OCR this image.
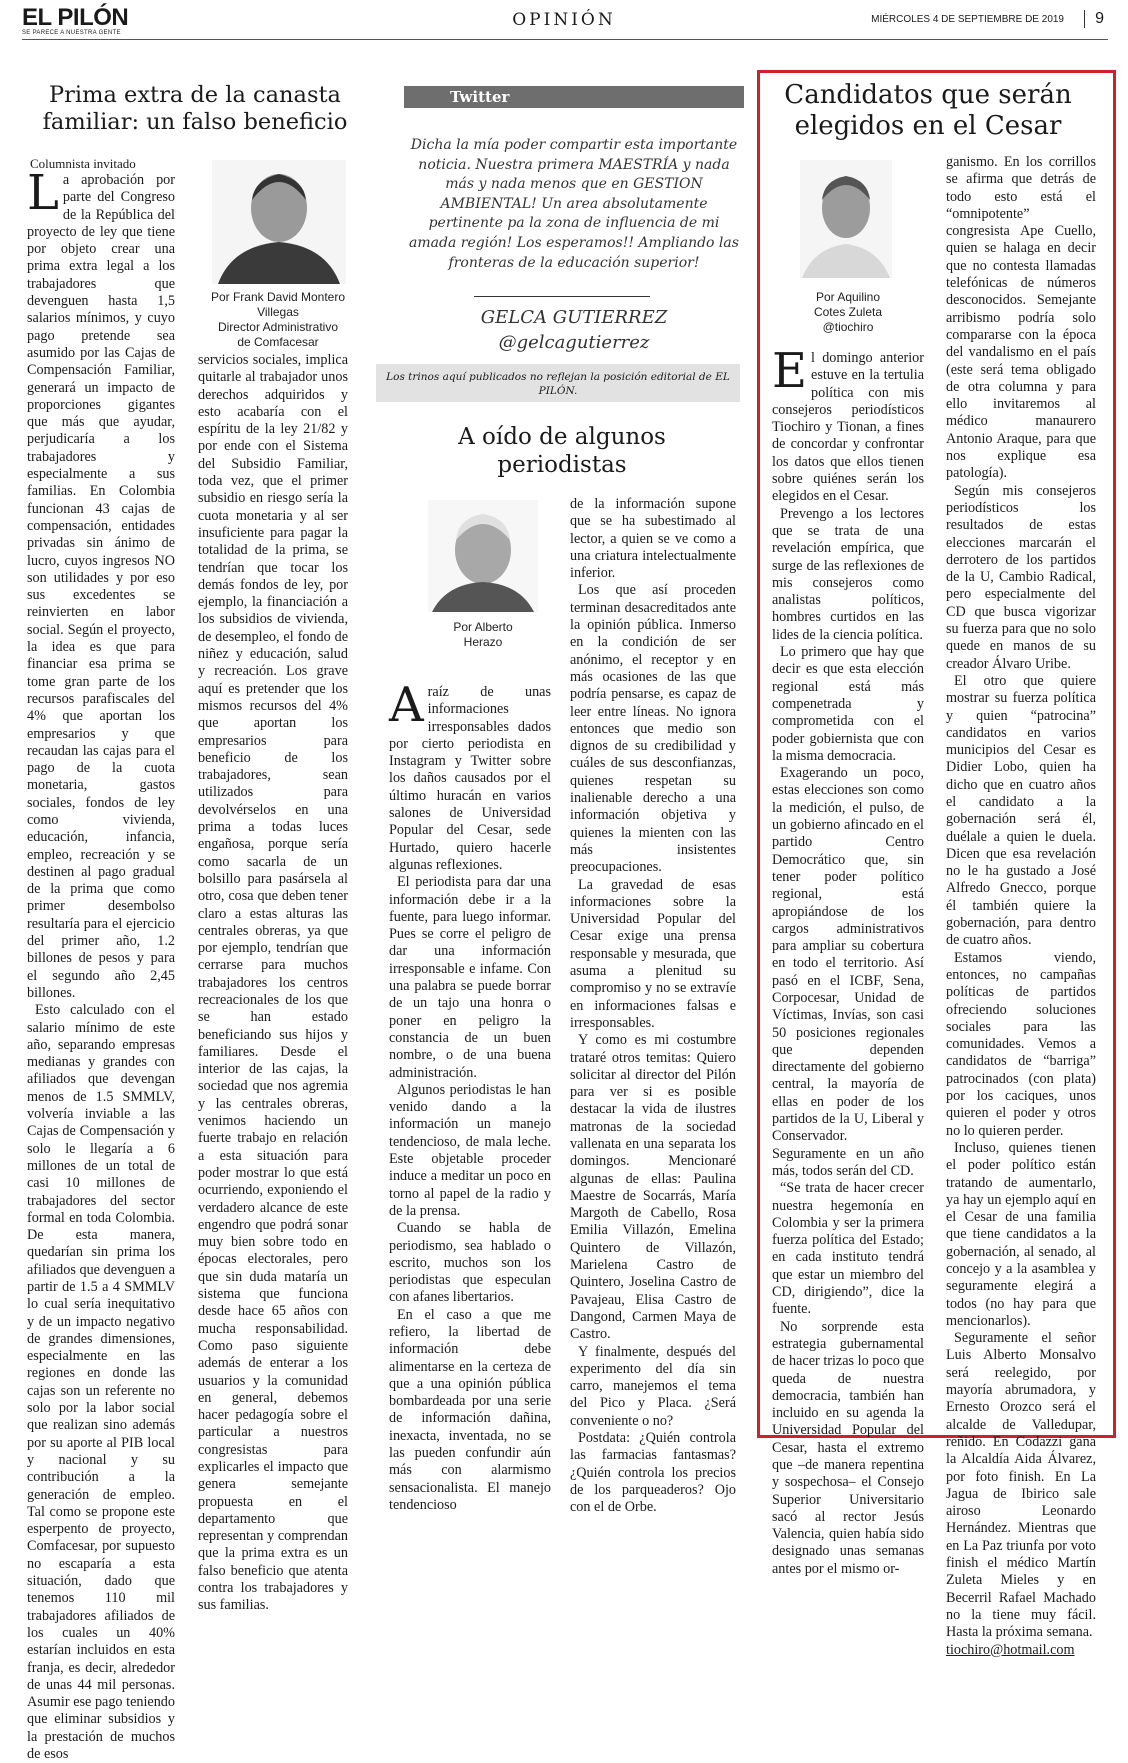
EL PILÓN
SE PARECE A NUESTRA GENTE
OPINIÓN	MIÉRCOLES 4 DE SEPTIEMBRE DE 2019	9
Prima extra de la canasta familiar: un falso beneficio
Columnista invitado
Por Frank David Montero
Villegas
Director Administrativo
de Comfacesar

La aprobación por parte del Congreso de la República del proyecto de ley que tiene por objeto crear una prima extra legal a los trabajadores que devenguen hasta 1,5 salarios mínimos, y cuyo pago pretende sea asumido por las Cajas de Compensación Familiar, generará un impacto de proporciones gigantes que más que ayudar, perjudicaría a los trabajadores y especialmente a sus familias. En Colombia funcionan 43 cajas de compensación, entidades privadas sin ánimo de lucro, cuyos ingresos NO son utilidades y por eso sus excedentes se reinvierten en labor social. Según el proyecto, la idea es que para financiar esa prima se tome gran parte de los recursos parafiscales del 4% que aportan los empresarios y que recaudan las cajas para el pago de la cuota monetaria, gastos sociales, fondos de ley como vivienda, educación, infancia, empleo, recreación y se destinen al pago gradual de la prima que como primer desembolso resultaría para el ejercicio del primer año, 1.2 billones de pesos y para el segundo año 2,45 billones.

Esto calculado con el salario mínimo de este año, separando empresas medianas y grandes con afiliados que devengan menos de 1.5 SMMLV, volvería inviable a las Cajas de Compensación y solo le llegaría a 6 millones de un total de casi 10 millones de trabajadores del sector formal en toda Colombia. De esta manera, quedarían sin prima los afiliados que devenguen a partir de 1.5 a 4 SMMLV lo cual sería inequitativo y de un impacto negativo de grandes dimensiones, especialmente en las regiones en donde las cajas son un referente no solo por la labor social que realizan sino además por su aporte al PIB local y nacional y su contribución a la generación de empleo. Tal como se propone este esperpento de proyecto, Comfacesar, por supuesto no escaparía a esta situación, dado que tenemos 110 mil trabajadores afiliados de los cuales un 40% estarían incluidos en esta franja, es decir, alrededor de unas 44 mil personas. Asumir ese pago teniendo que eliminar subsidios y la prestación de muchos de esos

servicios sociales, implica quitarle al trabajador unos derechos adquiridos y esto acabaría con el espíritu de la ley 21/82 y por ende con el Sistema del Subsidio Familiar, toda vez, que el primer subsidio en riesgo sería la cuota monetaria y al ser insuficiente para pagar la totalidad de la prima, se tendrían que tocar los demás fondos de ley, por ejemplo, la financiación a los subsidios de vivienda, de desempleo, el fondo de niñez y educación, salud y recreación. Los grave aquí es pretender que los mismos recursos del 4% que aportan los empresarios para beneficio de los trabajadores, sean utilizados para devolvérselos en una prima a todas luces engañosa, porque sería como sacarla de un bolsillo para pasársela al otro, cosa que deben tener claro a estas alturas las centrales obreras, ya que por ejemplo, tendrían que cerrarse para muchos trabajadores los centros recreacionales de los que se han estado beneficiando sus hijos y familiares. Desde el interior de las cajas, la sociedad que nos agremia y las centrales obreras, venimos haciendo un fuerte trabajo en relación a esta situación para poder mostrar lo que está ocurriendo, exponiendo el verdadero alcance de este engendro que podrá sonar muy bien sobre todo en épocas electorales, pero que sin duda mataría un sistema que funciona desde hace 65 años con mucha responsabilidad. Como paso siguiente además de enterar a los usuarios y la comunidad en general, debemos hacer pedagogía sobre el particular a nuestros congresistas para explicarles el impacto que genera semejante propuesta en el departamento que representan y comprendan que la prima extra es un falso beneficio que atenta contra los trabajadores y sus familias.

Twitter
Dicha la mía poder compartir esta importante noticia. Nuestra primera MAESTRÍA y nada más y nada menos que en GESTION AMBIENTAL! Un area absolutamente pertinente pa la zona de influencia de mi amada región! Los esperamos!! Ampliando las fronteras de la educación superior!
GELCA GUTIERREZ
@gelcagutierrez
Los trinos aquí publicados no reflejan la posición editorial de EL PILÓN.
A oído de algunos periodistas
Por Alberto
Herazo

Araíz de unas informaciones irresponsables dados por cierto periodista en Instagram y Twitter sobre los daños causados por el último huracán en varios salones de Universidad Popular del Cesar, sede Hurtado, quiero hacerle algunas reflexiones.

El periodista para dar una información debe ir a la fuente, para luego informar. Pues se corre el peligro de dar una información irresponsable e infame. Con una palabra se puede borrar de un tajo una honra o poner en peligro la constancia de un buen nombre, o de una buena administración.

Algunos periodistas le han venido dando a la información un manejo tendencioso, de mala leche. Este objetable proceder induce a meditar un poco en torno al papel de la radio y de la prensa.

Cuando se habla de periodismo, sea hablado o escrito, muchos son los periodistas que especulan con afanes libertarios.

En el caso a que me refiero, la libertad de información debe alimentarse en la certeza de que a una opinión pública bombardeada por una serie de información dañina, inexacta, inventada, no se las pueden confundir aún más con alarmismo sensacionalista. El manejo tendencioso

de la información supone que se ha subestimado al lector, a quien se ve como a una criatura intelectualmente inferior.

Los que así proceden terminan desacreditados ante la opinión pública. Inmerso en la condición de ser anónimo, el receptor y en más ocasiones de las que podría pensarse, es capaz de leer entre líneas. No ignora entonces que medio son dignos de su credibilidad y cuáles de sus desconfianzas, quienes respetan su inalienable derecho a una información objetiva y quienes la mienten con las más insistentes preocupaciones.

La gravedad de esas informaciones sobre la Universidad Popular del Cesar exige una prensa responsable y mesurada, que asuma a plenitud su compromiso y no se extravíe en informaciones falsas e irresponsables.

Y como es mi costumbre trataré otros temitas: Quiero solicitar al director del Pilón para ver si es posible destacar la vida de ilustres matronas de la sociedad vallenata en una separata los domingos. Mencionaré algunas de ellas: Paulina Maestre de Socarrás, María Margoth de Cabello, Rosa Emilia Villazón, Emelina Quintero de Villazón, Marielena Castro de Quintero, Joselina Castro de Pavajeau, Elisa Castro de Dangond, Carmen Maya de Castro.

Y finalmente, después del experimento del día sin carro, manejemos el tema del Pico y Placa. ¿Será conveniente o no?

Postdata: ¿Quién controla las farmacias fantasmas? ¿Quién controla los precios de los parqueaderos? Ojo con el de Orbe.

Candidatos que serán elegidos en el Cesar
Por Aquilino
Cotes Zuleta
@tiochiro

El domingo anterior estuve en la tertulia política con mis consejeros periodísticos Tiochiro y Tionan, a fines de concordar y confrontar los datos que ellos tienen sobre quiénes serán los elegidos en el Cesar.

Prevengo a los lectores que se trata de una revelación empírica, que surge de las reflexiones de mis consejeros como analistas políticos, hombres curtidos en las lides de la ciencia política.

Lo primero que hay que decir es que esta elección regional está más compenetrada y comprometida con el poder gobiernista que con la misma democracia.

Exagerando un poco, estas elecciones son como la medición, el pulso, de un gobierno afincado en el partido Centro Democrático que, sin tener poder político regional, está apropiándose de los cargos administrativos para ampliar su cobertura en todo el territorio. Así pasó en el ICBF, Sena, Corpocesar, Unidad de Víctimas, Invías, son casi 50 posiciones regionales que dependen directamente del gobierno central, la mayoría de ellas en poder de los partidos de la U, Liberal y Conservador. Seguramente en un año más, todos serán del CD.

“Se trata de hacer crecer nuestra hegemonía en Colombia y ser la primera fuerza política del Estado; en cada instituto tendrá que estar un miembro del CD, dirigiendo”, dice la fuente.

No sorprende esta estrategia gubernamental de hacer trizas lo poco que queda de nuestra democracia, también han incluido en su agenda la Universidad Popular del Cesar, hasta el extremo que –de manera repentina y sospechosa– el Consejo Superior Universitario sacó al rector Jesús Valencia, quien había sido designado unas semanas antes por el mismo or-

ganismo. En los corrillos se afirma que detrás de todo esto está el “omnipotente” congresista Ape Cuello, quien se halaga en decir que no contesta llamadas telefónicas de números desconocidos. Semejante arribismo podría solo compararse con la época del vandalismo en el país (este será tema obligado de otra columna y para ello invitaremos al médico manaurero Antonio Araque, para que nos explique esa patología).

Según mis consejeros periodísticos los resultados de estas elecciones marcarán el derrotero de los partidos de la U, Cambio Radical, pero especialmente del CD que busca vigorizar su fuerza para que no solo quede en manos de su creador Álvaro Uribe.

El otro que quiere mostrar su fuerza política y quien “patrocina” candidatos en varios municipios del Cesar es Didier Lobo, quien ha dicho que en cuatro años el candidato a la gobernación será él, duélale a quien le duela. Dicen que esa revelación no le ha gustado a José Alfredo Gnecco, porque él también quiere la gobernación, para dentro de cuatro años.

Estamos viendo, entonces, no campañas políticas de partidos ofreciendo soluciones sociales para las comunidades. Vemos a candidatos de “barriga” patrocinados (con plata) por los caciques, unos quieren el poder y otros no lo quieren perder.

Incluso, quienes tienen el poder político están tratando de aumentarlo, ya hay un ejemplo aquí en el Cesar de una familia que tiene candidatos a la gobernación, al senado, al concejo y a la asamblea y seguramente elegirá a todos (no hay para que mencionarlos).

Seguramente el señor Luis Alberto Monsalvo será reelegido, por mayoría abrumadora, y Ernesto Orozco será el alcalde de Valledupar, reñido. En Codazzi gana la Alcaldía Aida Álvarez, por foto finish. En La Jagua de Ibirico sale airoso Leonardo Hernández. Mientras que en La Paz triunfa por voto finish el médico Martín Zuleta Mieles y en Becerril Rafael Machado no la tiene muy fácil. Hasta la próxima semana.

tiochiro@hotmail.com
